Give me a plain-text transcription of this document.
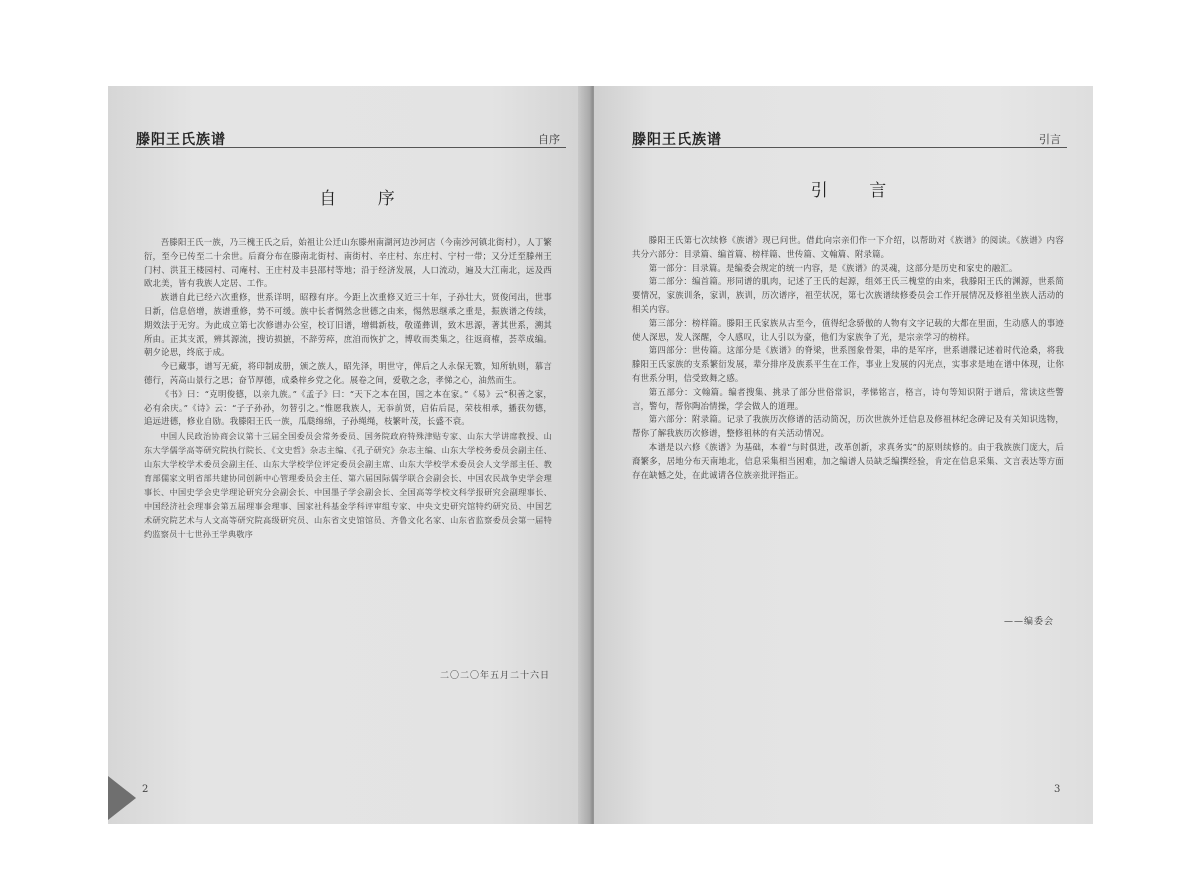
滕阳王氏族谱	自序
自 序

吾滕阳王氏一族，乃三槐王氏之后，始祖让公迁山东滕州南湖河边沙河店（今南沙河镇北街村），人丁繁衍，至今已传至二十余世。后裔分布在滕南北街村、南街村、辛庄村、东庄村、宁村一带；又分迁至滕州王门村、洪苴王楼园村、司庵村、王庄村及丰县邵村等地；沿于经济发展，人口流动，遍及大江南北，远及西欧北美，皆有我族人定居、工作。

族谱自此已经六次重修，世系详明，昭穆有序。今距上次重修又近三十年，子孙壮大，贤俊闰出，世事日新，信息倍增，族谱重修，势不可缓。族中长者惆然念世德之由来，惕然思继承之重是，振族谱之传续，期效法于无穷。为此成立第七次修谱办公室，校订旧谱，增辑新枝，敬谨彝训，致木思源，著其世系，溯其所由。正其支派，辨其源流，搜访损摭，不辞劳瘁，庶洎而恢扩之，博收而类集之，往返商榷，荟萃成编。朝夕论思，终底于成。

今已藏事，谱写无疵，将印制成册，颁之族人，昭先泽，明世守，俾后之人永保无斁，知所轨则，慕言德行，芮高山景行之思；奋节厚德，成桑梓乡党之化。展卷之间，爱敬之念，孝悌之心，油然而生。

《书》曰：“克明俊德，以亲九族。”《孟子》曰：“天下之本在国，国之本在家。”《易》云“积善之家，必有余庆。”《诗》云：“子子孙孙，勿替引之。”惟愿我族人，无忝前贤，启佑后昆，荣枝相承，播获勿德，追远进德，修业自励。我滕阳王氏一族，瓜瓞绵绵，子孙绳绳，枝繁叶茂，长盛不衰。

中国人民政治协商会议第十三届全国委员会常务委员、国务院政府特殊津贴专家、山东大学讲席教授、山东大学儒学高等研究院执行院长、《文史哲》杂志主编、《孔子研究》杂志主编、山东大学校务委员会副主任、山东大学校学术委员会副主任、山东大学校学位评定委员会副主席、山东大学校学术委员会人文学部主任、教育部儒家文明省部共建协同创新中心管理委员会主任、第六届国际儒学联合会副会长、中国农民战争史学会理事长、中国史学会史学理论研究分会副会长、中国墨子学会副会长、全国高等学校文科学报研究会副理事长、中国经济社会理事会第五届理事会理事、国家社科基金学科评审组专家、中央文史研究馆特约研究员、中国艺术研究院艺术与人文高等研究院高级研究员、山东省文史馆馆员、齐鲁文化名家、山东省监察委员会第一届特约监察员十七世孙王学典敬序

二〇二〇年五月二十六日
2
滕阳王氏族谱	引言
引 言

滕阳王氏第七次续修《族谱》现已问世。借此向宗亲们作一下介绍，以帮助对《族谱》的阅读。《族谱》内容共分六部分：目录篇、编首篇、榜样篇、世传篇、文翰篇、附录篇。

第一部分：目录篇。是编委会规定的统一内容，是《族谱》的灵魂，这部分是历史和家史的融汇。

第二部分：编首篇。形同谱的肌肉，记述了王氏的起源，组郊王氏三槐堂的由来，我滕阳王氏的渊源，世系简要情况，家族训条，家训，族训，历次谱序，祖茔状况，第七次族谱续修委员会工作开展情况及修祖坐族人活动的相关内容。

第三部分：榜样篇。滕阳王氏家族从古至今，值得纪念骄傲的人物有文字记载的大都在里面，生动感人的事迹使人深思，发人深醒，令人感叹，让人引以为豪，他们为家族争了光，是宗亲学习的榜样。

第四部分：世传篇。这部分是《族谱》的脊梁，世系图象骨架，串的是军序，世系谱牒记述着时代沧桑，将我滕阳王氏家族的支系繁衍发展，辈分排序及族系平生在工作，事业上发展的闪光点，实事求是地在谱中体现，让你有世系分明，信受致舞之感。

第五部分：文翰篇。编者搜集、挑录了部分世俗常识，孝悌铭言，格言，诗句等知识附于谱后，常读这些警言，警句，帮你陶冶情操，学会做人的道理。

第六部分：附录篇。记录了我族历次修谱的活动简况，历次世族外迁信息及修祖林纪念碑记及有关知识选物，帮你了解我族历次修谱，整修祖林的有关活动情况。

本谱是以六修《族谱》为基础，本着“与时俱进，改革创新，求真务实”的原则续修的。由于我族族门庞大，后裔繁多，居地分布天南地北，信息采集相当困难，加之编谱人员缺乏编撰经验，肯定在信息采集、文言表达等方面存在缺憾之处，在此诚请各位族亲批评指正。

——编委会
3
